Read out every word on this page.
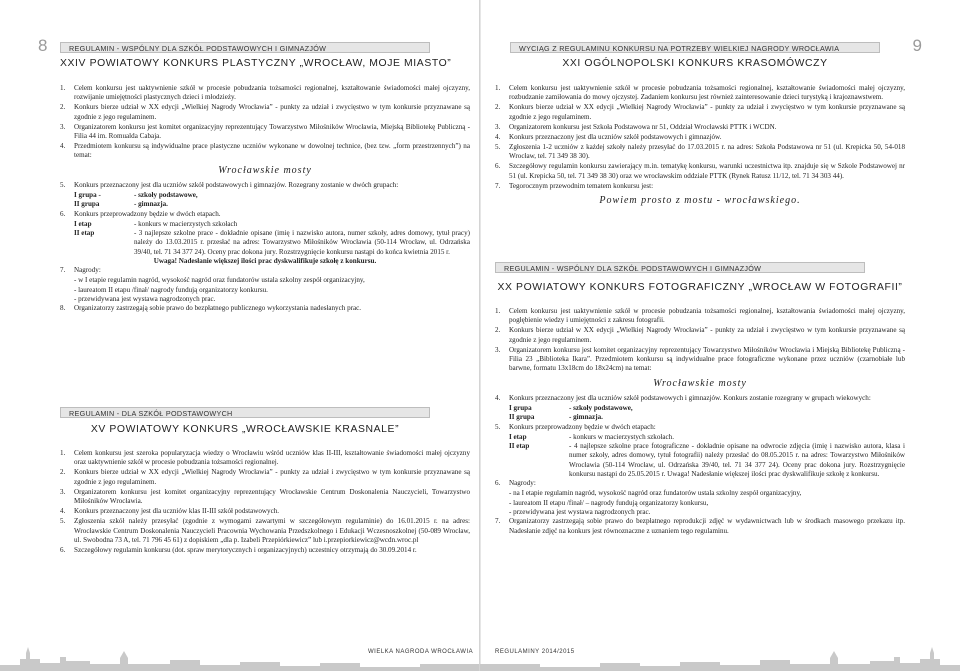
8	REGULAMIN - WSPÓLNY DLA SZKÓŁ PODSTAWOWYCH I GIMNAZJÓW
XXIV POWIATOWY KONKURS PLASTYCZNY „WROCŁAW, MOJE MIASTO”
1. Celem konkursu jest uaktywnienie szkół w procesie pobudzania tożsamości regionalnej, kształtowanie świadomości małej ojczyzny, rozwijanie umiejętności plastycznych dzieci i młodzieży.
2. Konkurs bierze udział w XX edycji „Wielkiej Nagrody Wrocławia” - punkty za udział i zwycięstwo w tym konkursie przyznawane są zgodnie z jego regulaminem.
3. Organizatorem konkursu jest komitet organizacyjny reprezentujący Towarzystwo Miłośników Wrocławia, Miejską Bibliotekę Publiczną - Filia 44 im. Romualda Cabaja.
4. Przedmiotem konkursu są indywidualne prace plastyczne uczniów wykonane w dowolnej technice, (bez tzw. „form przestrzennych”) na temat:
Wrocławskie mosty
5. Konkurs przeznaczony jest dla uczniów szkół podstawowych i gimnazjów. Rozegrany zostanie w dwóch grupach:
I grupa -	- szkoły podstawowe,
II grupa	- gimnazja.
6. Konkurs przeprowadzony będzie w dwóch etapach.
I etap	- konkurs w macierzystych szkołach
II etap	- 3 najlepsze szkolne prace - dokładnie opisane (imię i nazwisko autora, numer szkoły, adres domowy, tytuł pracy) należy do 13.03.2015 r. przesłać na adres: Towarzystwo Miłośników Wrocławia (50-114 Wrocław, ul. Odrzańska 39/40, tel. 71 34 377 24). Oceny prac dokona jury. Rozstrzygnięcie konkursu nastąpi do końca kwietnia 2015 r.

Uwaga! Nadesłanie większej ilości prac dyskwalifikuje szkołę z konkursu.

7. Nagrody:

- w I etapie regulamin nagród, wysokość nagród oraz fundatorów ustala szkolny zespół organizacyjny,

- laureatom II etapu /finał/ nagrody fundują organizatorzy konkursu.

- przewidywana jest wystawa nagrodzonych prac.

8. Organizatorzy zastrzegają sobie prawo do bezpłatnego publicznego wykorzystania nadesłanych prac.
REGULAMIN - DLA SZKÓŁ PODSTAWOWYCH
XV POWIATOWY KONKURS „WROCŁAWSKIE KRASNALE”
1. Celem konkursu jest szeroka popularyzacja wiedzy o Wrocławiu wśród uczniów klas II-III, kształtowanie świadomości małej ojczyzny oraz uaktywnienie szkół w procesie pobudzania tożsamości regionalnej.
2. Konkurs bierze udział w XX edycji „Wielkiej Nagrody Wrocławia” - punkty za udział i zwycięstwo w tym konkursie przyznawane są zgodnie z jego regulaminem.
3. Organizatorem konkursu jest komitet organizacyjny reprezentujący Wrocławskie Centrum Doskonalenia Nauczycieli, Towarzystwo Miłośników Wrocławia.
4. Konkurs przeznaczony jest dla uczniów klas II-III szkół podstawowych.
5. Zgłoszenia szkół należy przesyłać (zgodnie z wymogami zawartymi w szczegółowym regulaminie) do 16.01.2015 r. na adres: Wrocławskie Centrum Doskonalenia Nauczycieli Pracownia Wychowania Przedszkolnego i Edukacji Wczesnoszkolnej (50-089 Wrocław, ul. Swobodna 73 A, tel. 71 796 45 61) z dopiskiem „dla p. Izabeli Przepiórkiewicz” lub i.przepiorkiewicz@wcdn.wroc.pl
6. Szczegółowy regulamin konkursu (dot. spraw merytorycznych i organizacyjnych) uczestnicy otrzymają do 30.09.2014 r.
WIELKA NAGRODA WROCŁAWIA
9
WYCIĄG Z REGULAMINU KONKURSU NA POTRZEBY WIELKIEJ NAGRODY WROCŁAWIA
XXI OGÓLNOPOLSKI KONKURS KRASOMÓWCZY
1. Celem konkursu jest uaktywnienie szkół w procesie pobudzania tożsamości regionalnej, kształtowanie świadomości małej ojczyzny, rozbudzanie zamiłowania do mowy ojczystej. Zadaniem konkursu jest również zainteresowanie dzieci turystyką i krajoznawstwem.
2. Konkurs bierze udział w XX edycji „Wielkiej Nagrody Wrocławia” - punkty za udział i zwycięstwo w tym konkursie przyznawane są zgodnie z jego regulaminem.
3. Organizatorem konkursu jest Szkoła Podstawowa nr 51, Oddział Wrocławski PTTK i WCDN.
4. Konkurs przeznaczony jest dla uczniów szkół podstawowych i gimnazjów.
5. Zgłoszenia 1-2 uczniów z każdej szkoły należy przesyłać do 17.03.2015 r. na adres: Szkoła Podstawowa nr 51 (ul. Krepicka 50, 54-018 Wrocław, tel. 71 349 38 30).
6. Szczegółowy regulamin konkursu zawierający m.in. tematykę konkursu, warunki uczestnictwa itp. znajduje się w Szkole Podstawowej nr 51 (ul. Krepicka 50, tel. 71 349 38 30) oraz we wrocławskim oddziale PTTK (Rynek Ratusz 11/12, tel. 71 34 303 44).
7. Tegorocznym przewodnim tematem konkursu jest:
Powiem prosto z mostu - wrocławskiego.
REGULAMIN - WSPÓLNY DLA SZKÓŁ PODSTAWOWYCH I GIMNAZJÓW
XX POWIATOWY KONKURS FOTOGRAFICZNY „WROCŁAW W FOTOGRAFII”
1. Celem konkursu jest uaktywnienie szkół w procesie pobudzania tożsamości regionalnej, kształtowania świadomości małej ojczyzny, pogłębienie wiedzy i umiejętności z zakresu fotografii.
2. Konkurs bierze udział w XX edycji „Wielkiej Nagrody Wrocławia” - punkty za udział i zwycięstwo w tym konkursie przyznawane są zgodnie z jego regulaminem.
3. Organizatorem konkursu jest komitet organizacyjny reprezentujący Towarzystwo Miłośników Wrocławia i Miejską Bibliotekę Publiczną - Filia 23 „Biblioteka Ikara”. Przedmiotem konkursu są indywidualne prace fotograficzne wykonane przez uczniów (czarnobiałe lub barwne, formatu 13x18cm do 18x24cm) na temat:
Wrocławskie mosty
4. Konkurs przeznaczony jest dla uczniów szkół podstawowych i gimnazjów. Konkurs zostanie rozegrany w grupach wiekowych:
I grupa	- szkoły podstawowe,
II grupa	- gimnazja.
5. Konkurs przeprowadzony będzie w dwóch etapach:
I etap	- konkurs w macierzystych szkołach.
II etap	- 4 najlepsze szkolne prace fotograficzne - dokładnie opisane na odwrocie zdjęcia (imię i nazwisko autora, klasa i numer szkoły, adres domowy, tytuł fotografii) należy przesłać do 08.05.2015 r. na adres: Towarzystwo Miłośników Wrocławia (50-114 Wrocław, ul. Odrzańska 39/40, tel. 71 34 377 24). Oceny prac dokona jury. Rozstrzygnięcie konkursu nastąpi do 25.05.2015 r. Uwaga! Nadesłanie większej ilości prac dyskwalifikuje szkołę z konkursu.
6. Nagrody:

- na I etapie regulamin nagród, wysokość nagród oraz fundatorów ustala szkolny zespół organizacyjny,

- laureatom II etapu /finał/ – nagrody fundują organizatorzy konkursu,

- przewidywana jest wystawa nagrodzonych prac.

7. Organizatorzy zastrzegają sobie prawo do bezpłatnego reprodukcji zdjęć w wydawnictwach lub w środkach masowego przekazu itp. Nadesłanie zdjęć na konkurs jest równoznaczne z uznaniem tego regulaminu.
REGULAMINY 2014/2015
